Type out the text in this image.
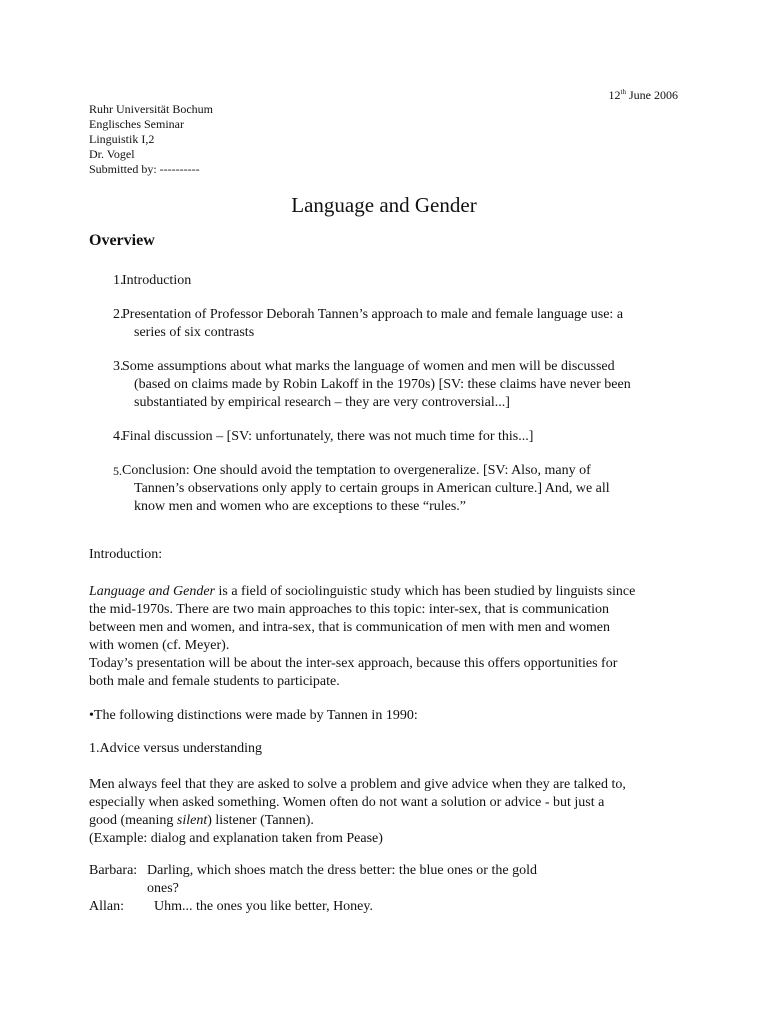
12th June 2006
Ruhr Universität Bochum
Englisches Seminar
Linguistik I,2
Dr. Vogel
Submitted by: ----------
Language and Gender
Overview
1.
Introduction
2.
Presentation of Professor Deborah Tannen’s approach to male and female language use: a
series of six contrasts
3.
Some assumptions about what marks the language of women and men will be discussed
(based on claims made by Robin Lakoff in the 1970s) [SV: these claims have never been
substantiated by empirical research – they are very controversial...]
4.
Final discussion – [SV: unfortunately, there was not much time for this...]
5. Conclusion: One should avoid the temptation to overgeneralize. [SV: Also, many of
Tannen’s observations only apply to certain groups in American culture.] And, we all
know men and women who are exceptions to these “rules.”
Introduction:
Language and Gender is a field of sociolinguistic study which has been studied by linguists since
the mid-1970s. There are two main approaches to this topic: inter-sex, that is communication
between men and women, and intra-sex, that is communication of men with men and women
with women (cf. Meyer).
Today’s presentation will be about the inter-sex approach, because this offers opportunities for
both male and female students to participate.
•The following distinctions were made by Tannen in 1990:
1.Advice versus understanding
Men always feel that they are asked to solve a problem and give advice when they are talked to,
especially when asked something. Women often do not want a solution or advice - but just a
good (meaning silent) listener (Tannen).
(Example: dialog and explanation taken from Pease)
Barbara: Darling, which shoes match the dress better: the blue ones or the gold
ones?
Allan:  Uhm... the ones you like better, Honey.
